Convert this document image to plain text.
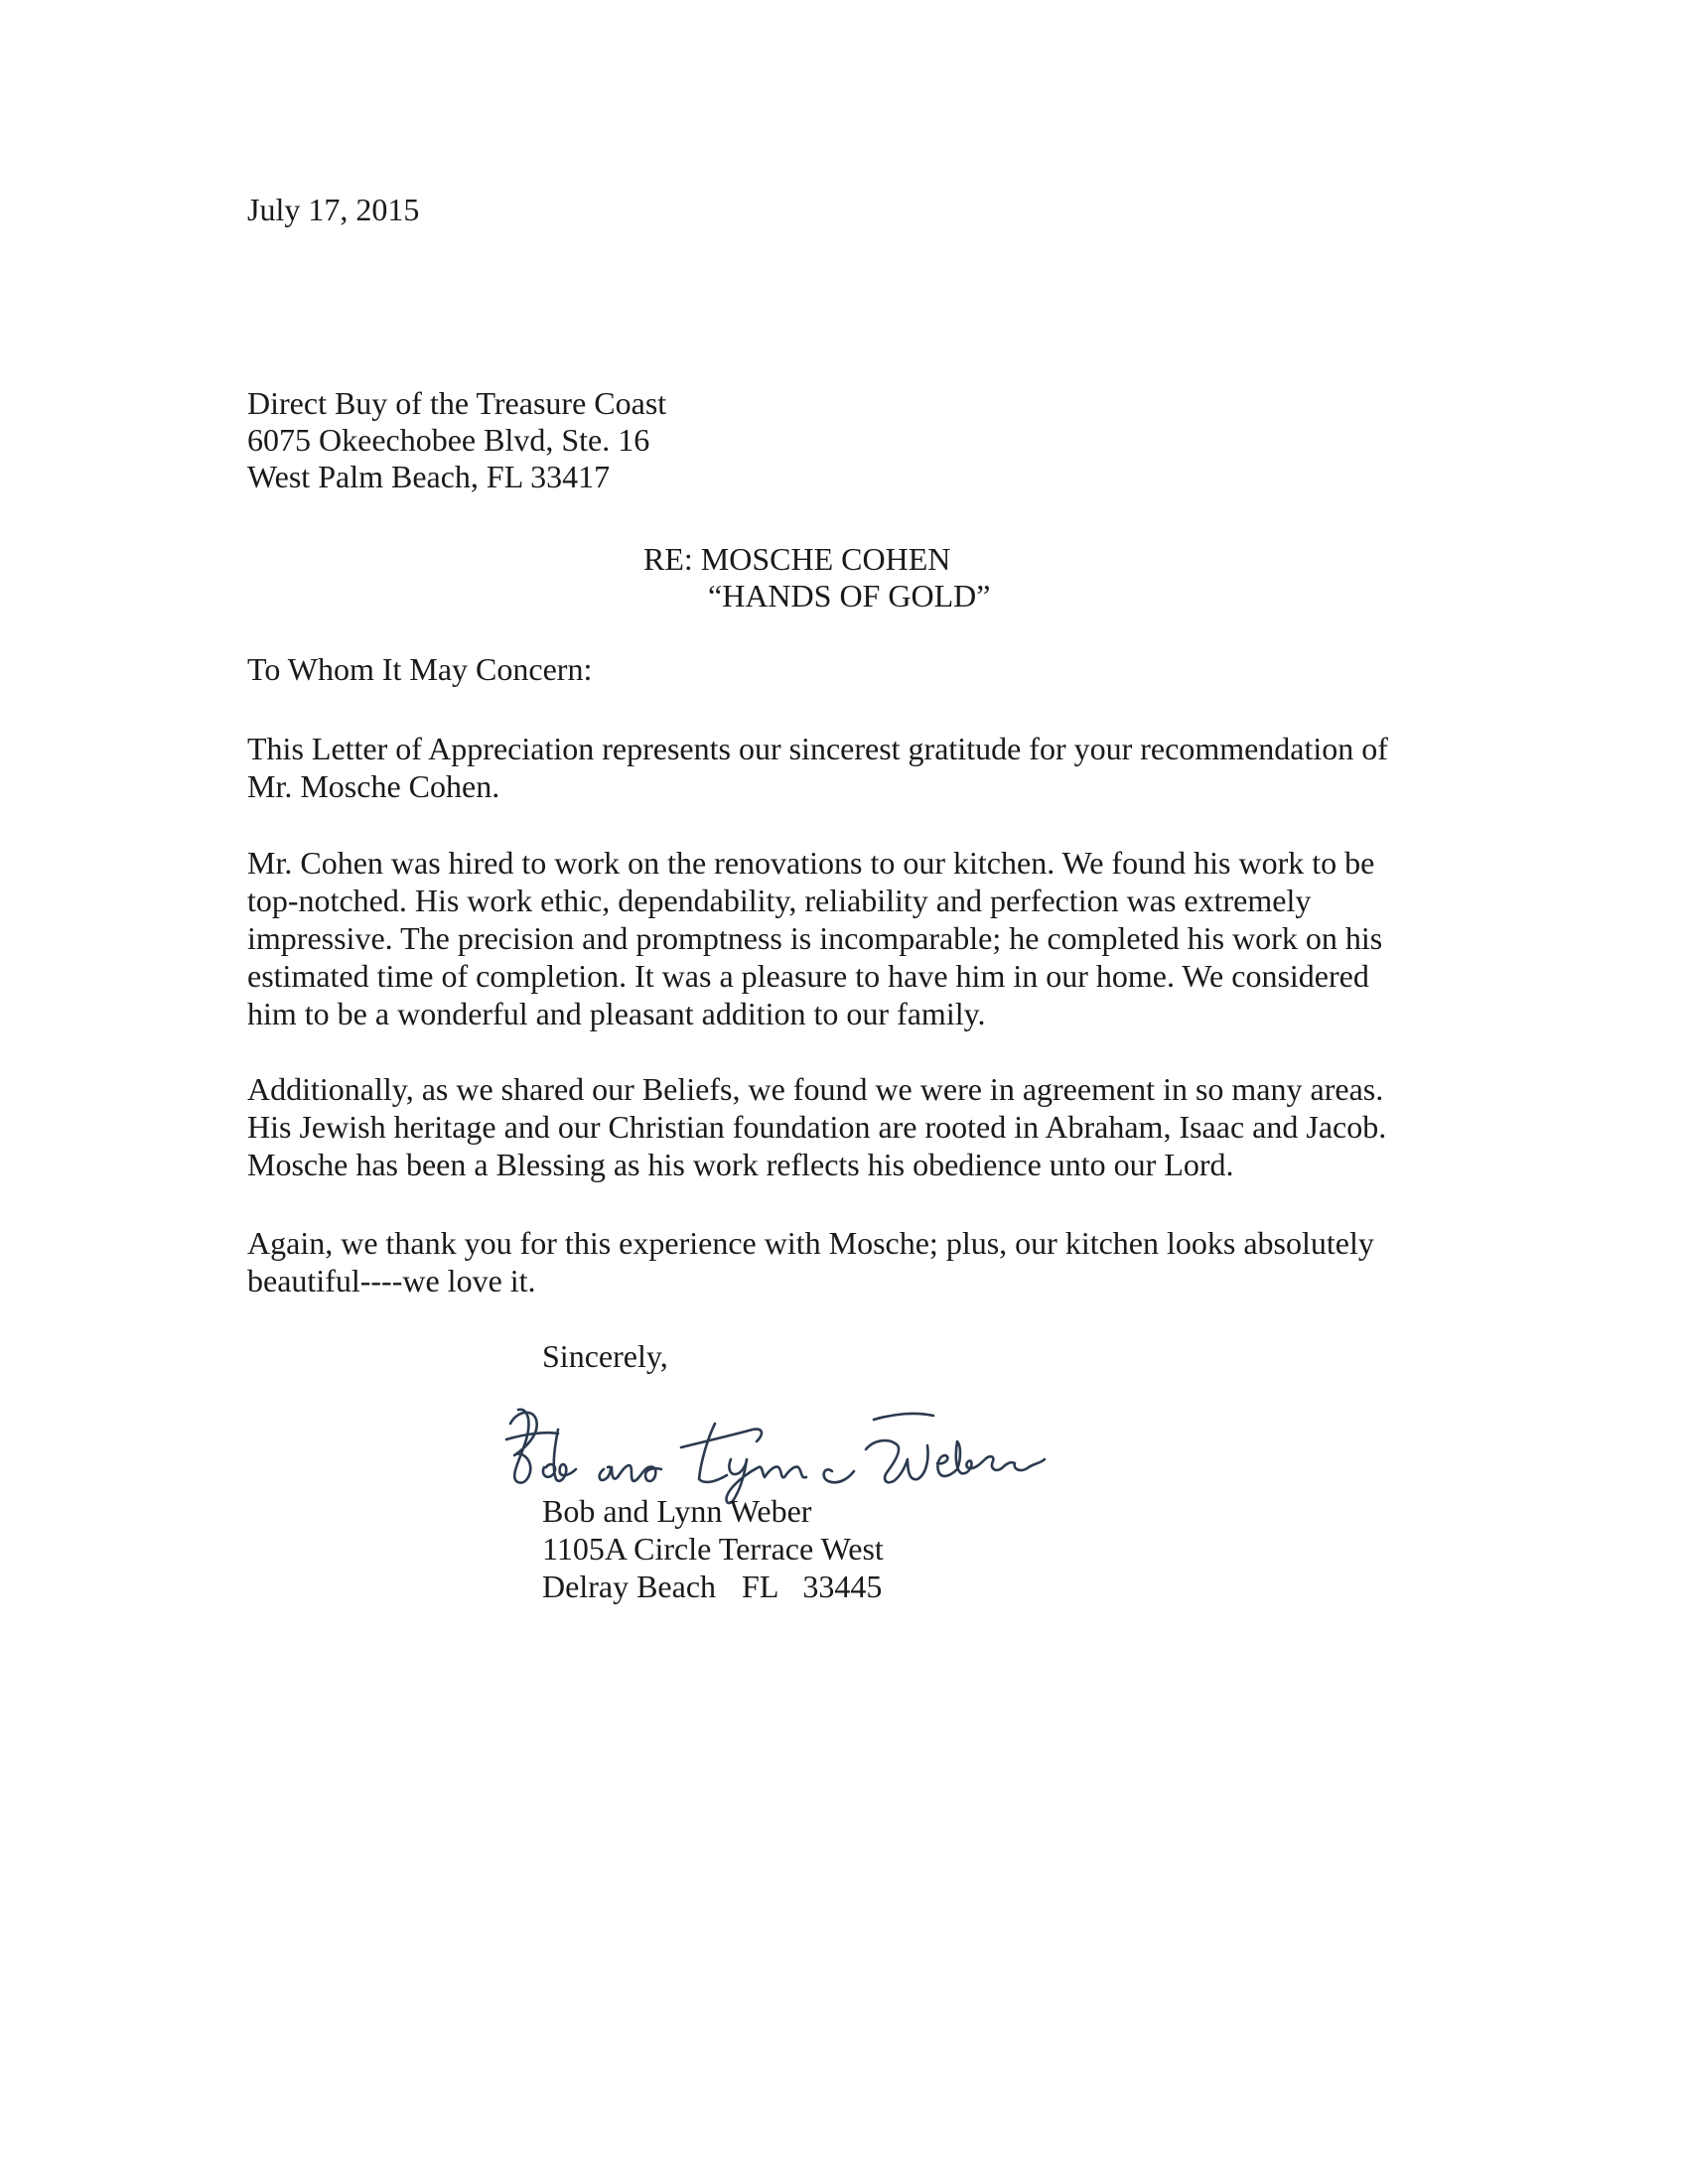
July 17, 2015
Direct Buy of the Treasure Coast
6075 Okeechobee Blvd, Ste. 16
West Palm Beach, FL 33417
RE: MOSCHE COHEN
“HANDS OF GOLD”
To Whom It May Concern:

This Letter of Appreciation represents our sincerest gratitude for your recommendation of
Mr. Mosche Cohen.

Mr. Cohen was hired to work on the renovations to our kitchen. We found his work to be
top-notched. His work ethic, dependability, reliability and perfection was extremely
impressive. The precision and promptness is incomparable; he completed his work on his
estimated time of completion. It was a pleasure to have him in our home. We considered
him to be a wonderful and pleasant addition to our family.

Additionally, as we shared our Beliefs, we found we were in agreement in so many areas.
His Jewish heritage and our Christian foundation are rooted in Abraham, Isaac and Jacob.
Mosche has been a Blessing as his work reflects his obedience unto our Lord.

Again, we thank you for this experience with Mosche; plus, our kitchen looks absolutely
beautiful----we love it.

Sincerely,
Bob and Lynn Weber
1105A Circle Terrace West
Delray Beach FL 33445
